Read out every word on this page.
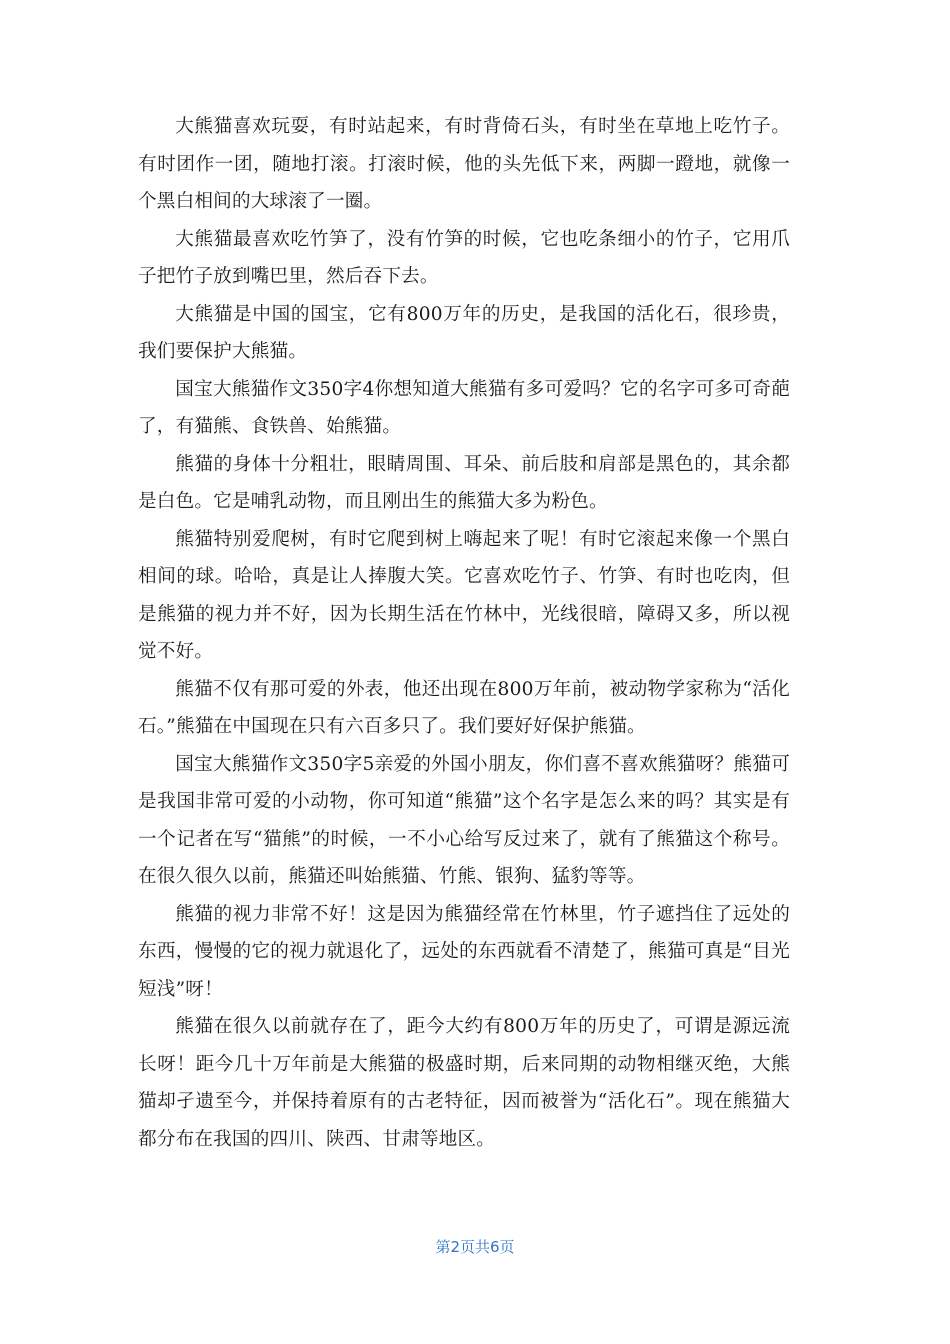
大熊猫喜欢玩耍，有时站起来，有时背倚石头，有时坐在草地上吃竹子。有时团作一团，随地打滚。打滚时候，他的头先低下来，两脚一蹬地，就像一个黑白相间的大球滚了一圈。

大熊猫最喜欢吃竹笋了，没有竹笋的时候，它也吃条细小的竹子，它用爪子把竹子放到嘴巴里，然后吞下去。

大熊猫是中国的国宝，它有800万年的历史，是我国的活化石，很珍贵，我们要保护大熊猫。

国宝大熊猫作文350字4你想知道大熊猫有多可爱吗？它的名字可多可奇葩了，有猫熊、食铁兽、始熊猫。

熊猫的身体十分粗壮，眼睛周围、耳朵、前后肢和肩部是黑色的，其余都是白色。它是哺乳动物，而且刚出生的熊猫大多为粉色。

熊猫特别爱爬树，有时它爬到树上嗨起来了呢！有时它滚起来像一个黑白相间的球。哈哈，真是让人捧腹大笑。它喜欢吃竹子、竹笋、有时也吃肉，但是熊猫的视力并不好，因为长期生活在竹林中，光线很暗，障碍又多，所以视觉不好。

熊猫不仅有那可爱的外表，他还出现在800万年前，被动物学家称为“活化石。”熊猫在中国现在只有六百多只了。我们要好好保护熊猫。

国宝大熊猫作文350字5亲爱的外国小朋友，你们喜不喜欢熊猫呀？熊猫可是我国非常可爱的小动物，你可知道“熊猫”这个名字是怎么来的吗？其实是有一个记者在写“猫熊”的时候，一不小心给写反过来了，就有了熊猫这个称号。在很久很久以前，熊猫还叫始熊猫、竹熊、银狗、猛豹等等。

熊猫的视力非常不好！这是因为熊猫经常在竹林里，竹子遮挡住了远处的东西，慢慢的它的视力就退化了，远处的东西就看不清楚了，熊猫可真是“目光短浅”呀！

熊猫在很久以前就存在了，距今大约有800万年的历史了，可谓是源远流长呀！距今几十万年前是大熊猫的极盛时期，后来同期的动物相继灭绝，大熊猫却孑遗至今，并保持着原有的古老特征，因而被誉为“活化石”。现在熊猫大都分布在我国的四川、陕西、甘肃等地区。

第2页共6页
